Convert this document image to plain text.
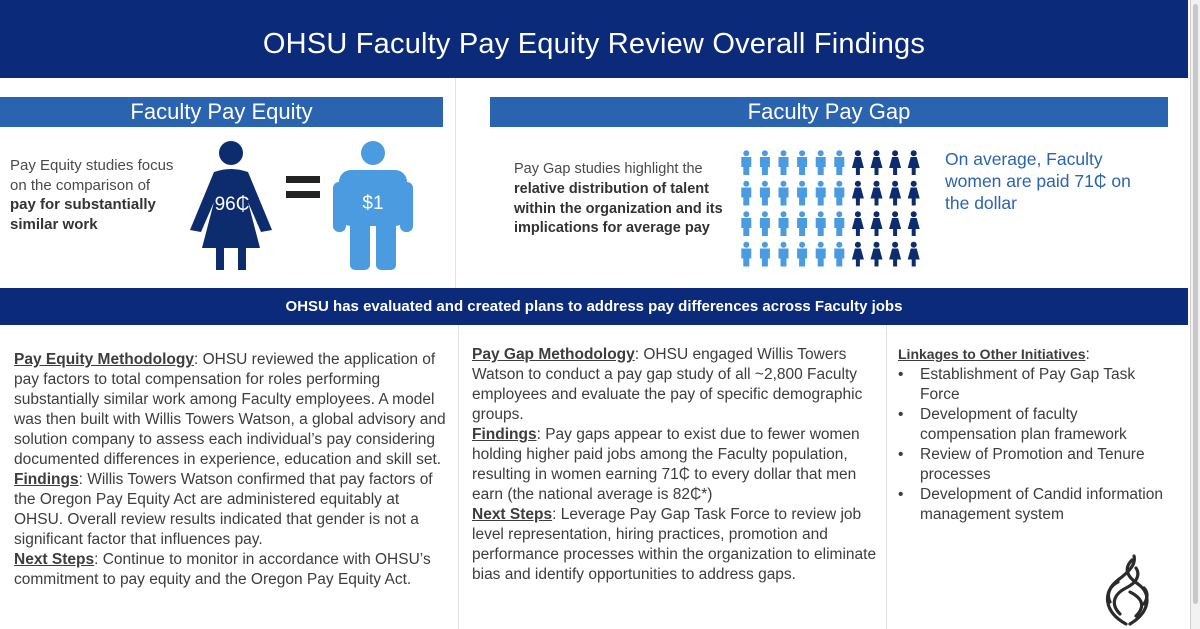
OHSU Faculty Pay Equity Review Overall Findings
Faculty Pay Equity	Faculty Pay Gap

Pay Equity studies focus on the comparison of pay for substantially similar work

96₵	$1

Pay Gap studies highlight the relative distribution of talent within the organization and its implications for average pay

On average, Faculty women are paid 71₵ on the dollar

OHSU has evaluated and created plans to address pay differences across Faculty jobs
Pay Equity Methodology: OHSU reviewed the application of pay factors to total compensation for roles performing substantially similar work among Faculty employees. A model was then built with Willis Towers Watson, a global advisory and solution company to assess each individual’s pay considering documented differences in experience, education and skill set.
Findings: Willis Towers Watson confirmed that pay factors of the Oregon Pay Equity Act are administered equitably at OHSU. Overall review results indicated that gender is not a significant factor that influences pay.
Next Steps: Continue to monitor in accordance with OHSU’s commitment to pay equity and the Oregon Pay Equity Act.
Pay Gap Methodology: OHSU engaged Willis Towers Watson to conduct a pay gap study of all ~2,800 Faculty employees and evaluate the pay of specific demographic groups.
Findings: Pay gaps appear to exist due to fewer women holding higher paid jobs among the Faculty population, resulting in women earning 71₵ to every dollar that men earn (the national average is 82₵*)
Next Steps: Leverage Pay Gap Task Force to review job level representation, hiring practices, promotion and performance processes within the organization to eliminate bias and identify opportunities to address gaps.
Linkages to Other Initiatives:
• Establishment of Pay Gap Task Force
• Development of faculty compensation plan framework
• Review of Promotion and Tenure processes
• Development of Candid information management system
